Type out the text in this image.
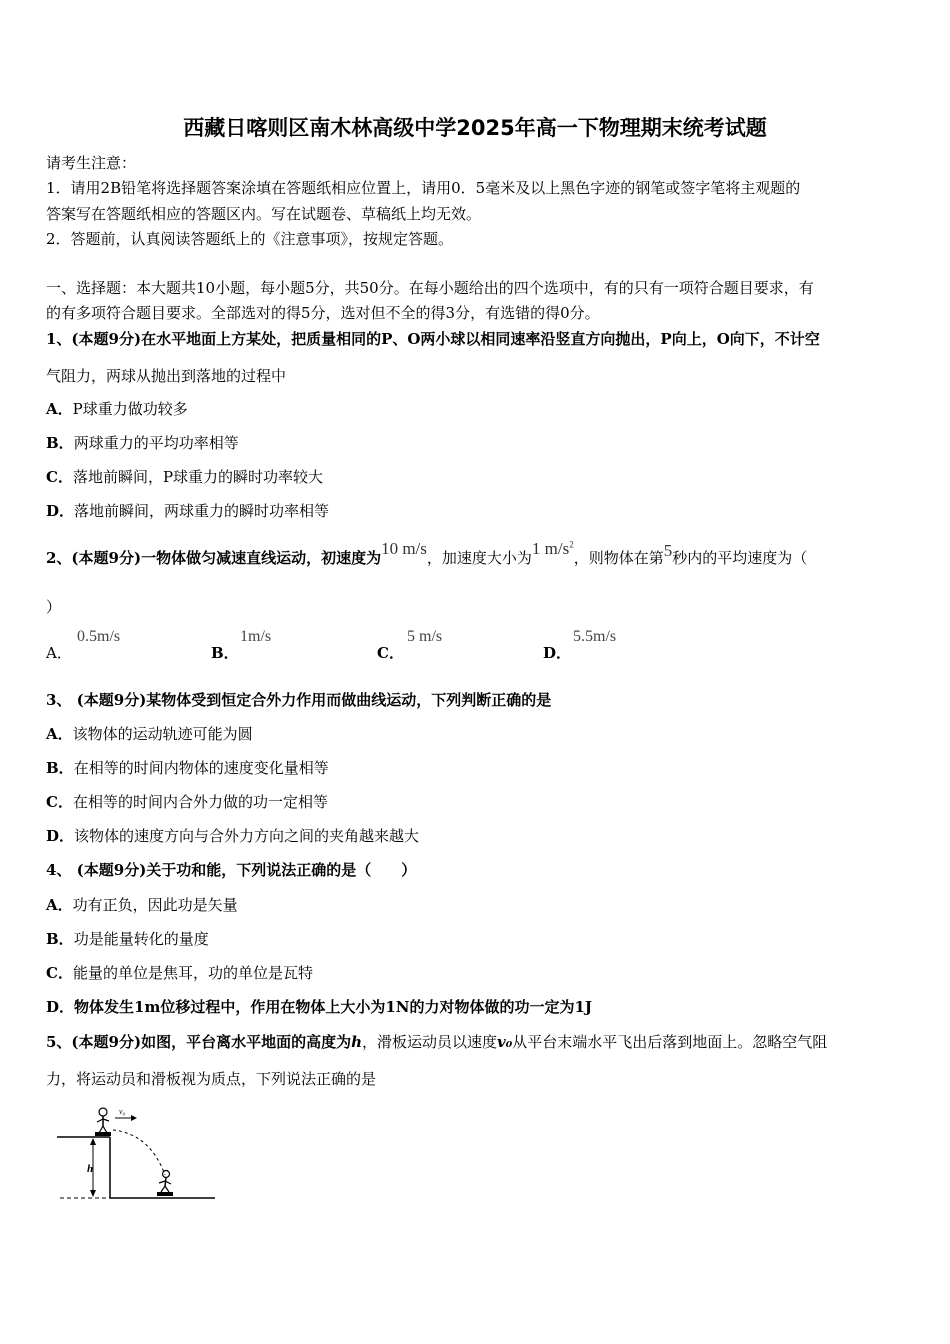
西藏日喀则区南木林高级中学2025年高一下物理期末统考试题
请考生注意：
1．请用2B铅笔将选择题答案涂填在答题纸相应位置上，请用0．5毫米及以上黑色字迹的钢笔或签字笔将主观题的
答案写在答题纸相应的答题区内。写在试题卷、草稿纸上均无效。
2．答题前，认真阅读答题纸上的《注意事项》，按规定答题。
一、选择题：本大题共10小题，每小题5分，共50分。在每小题给出的四个选项中，有的只有一项符合题目要求，有
的有多项符合题目要求。全部选对的得5分，选对但不全的得3分，有选错的得0分。
1、(本题9分)在水平地面上方某处，把质量相同的P、O两小球以相同速率沿竖直方向抛出，P向上，O向下，不计空
气阻力，两球从抛出到落地的过程中
A．P球重力做功较多
B．两球重力的平均功率相等
C．落地前瞬间，P球重力的瞬时功率较大
D．落地前瞬间，两球重力的瞬时功率相等
2、(本题9分)一物体做匀减速直线运动，初速度为10 m/s，加速度大小为1 $m/s^2$，则物体在第5秒内的平均速度为（
）
A．
0.5m/s
B．
1m/s
C．
5 m/s
D．
5.5m/s
3、 (本题9分)某物体受到恒定合外力作用而做曲线运动，下列判断正确的是
A．该物体的运动轨迹可能为圆
B．在相等的时间内物体的速度变化量相等
C．在相等的时间内合外力做的功一定相等
D．该物体的速度方向与合外力方向之间的夹角越来越大
4、 (本题9分)关于功和能，下列说法正确的是（　　）
A．功有正负，因此功是矢量
B．功是能量转化的量度
C．能量的单位是焦耳，功的单位是瓦特
D．物体发生1m位移过程中，作用在物体上大小为1N的力对物体做的功一定为1J
5、(本题9分)如图，平台离水平地面的高度为h，滑板运动员以速度v₀从平台末端水平飞出后落到地面上。忽略空气阻
力，将运动员和滑板视为质点，下列说法正确的是
h
v₀
